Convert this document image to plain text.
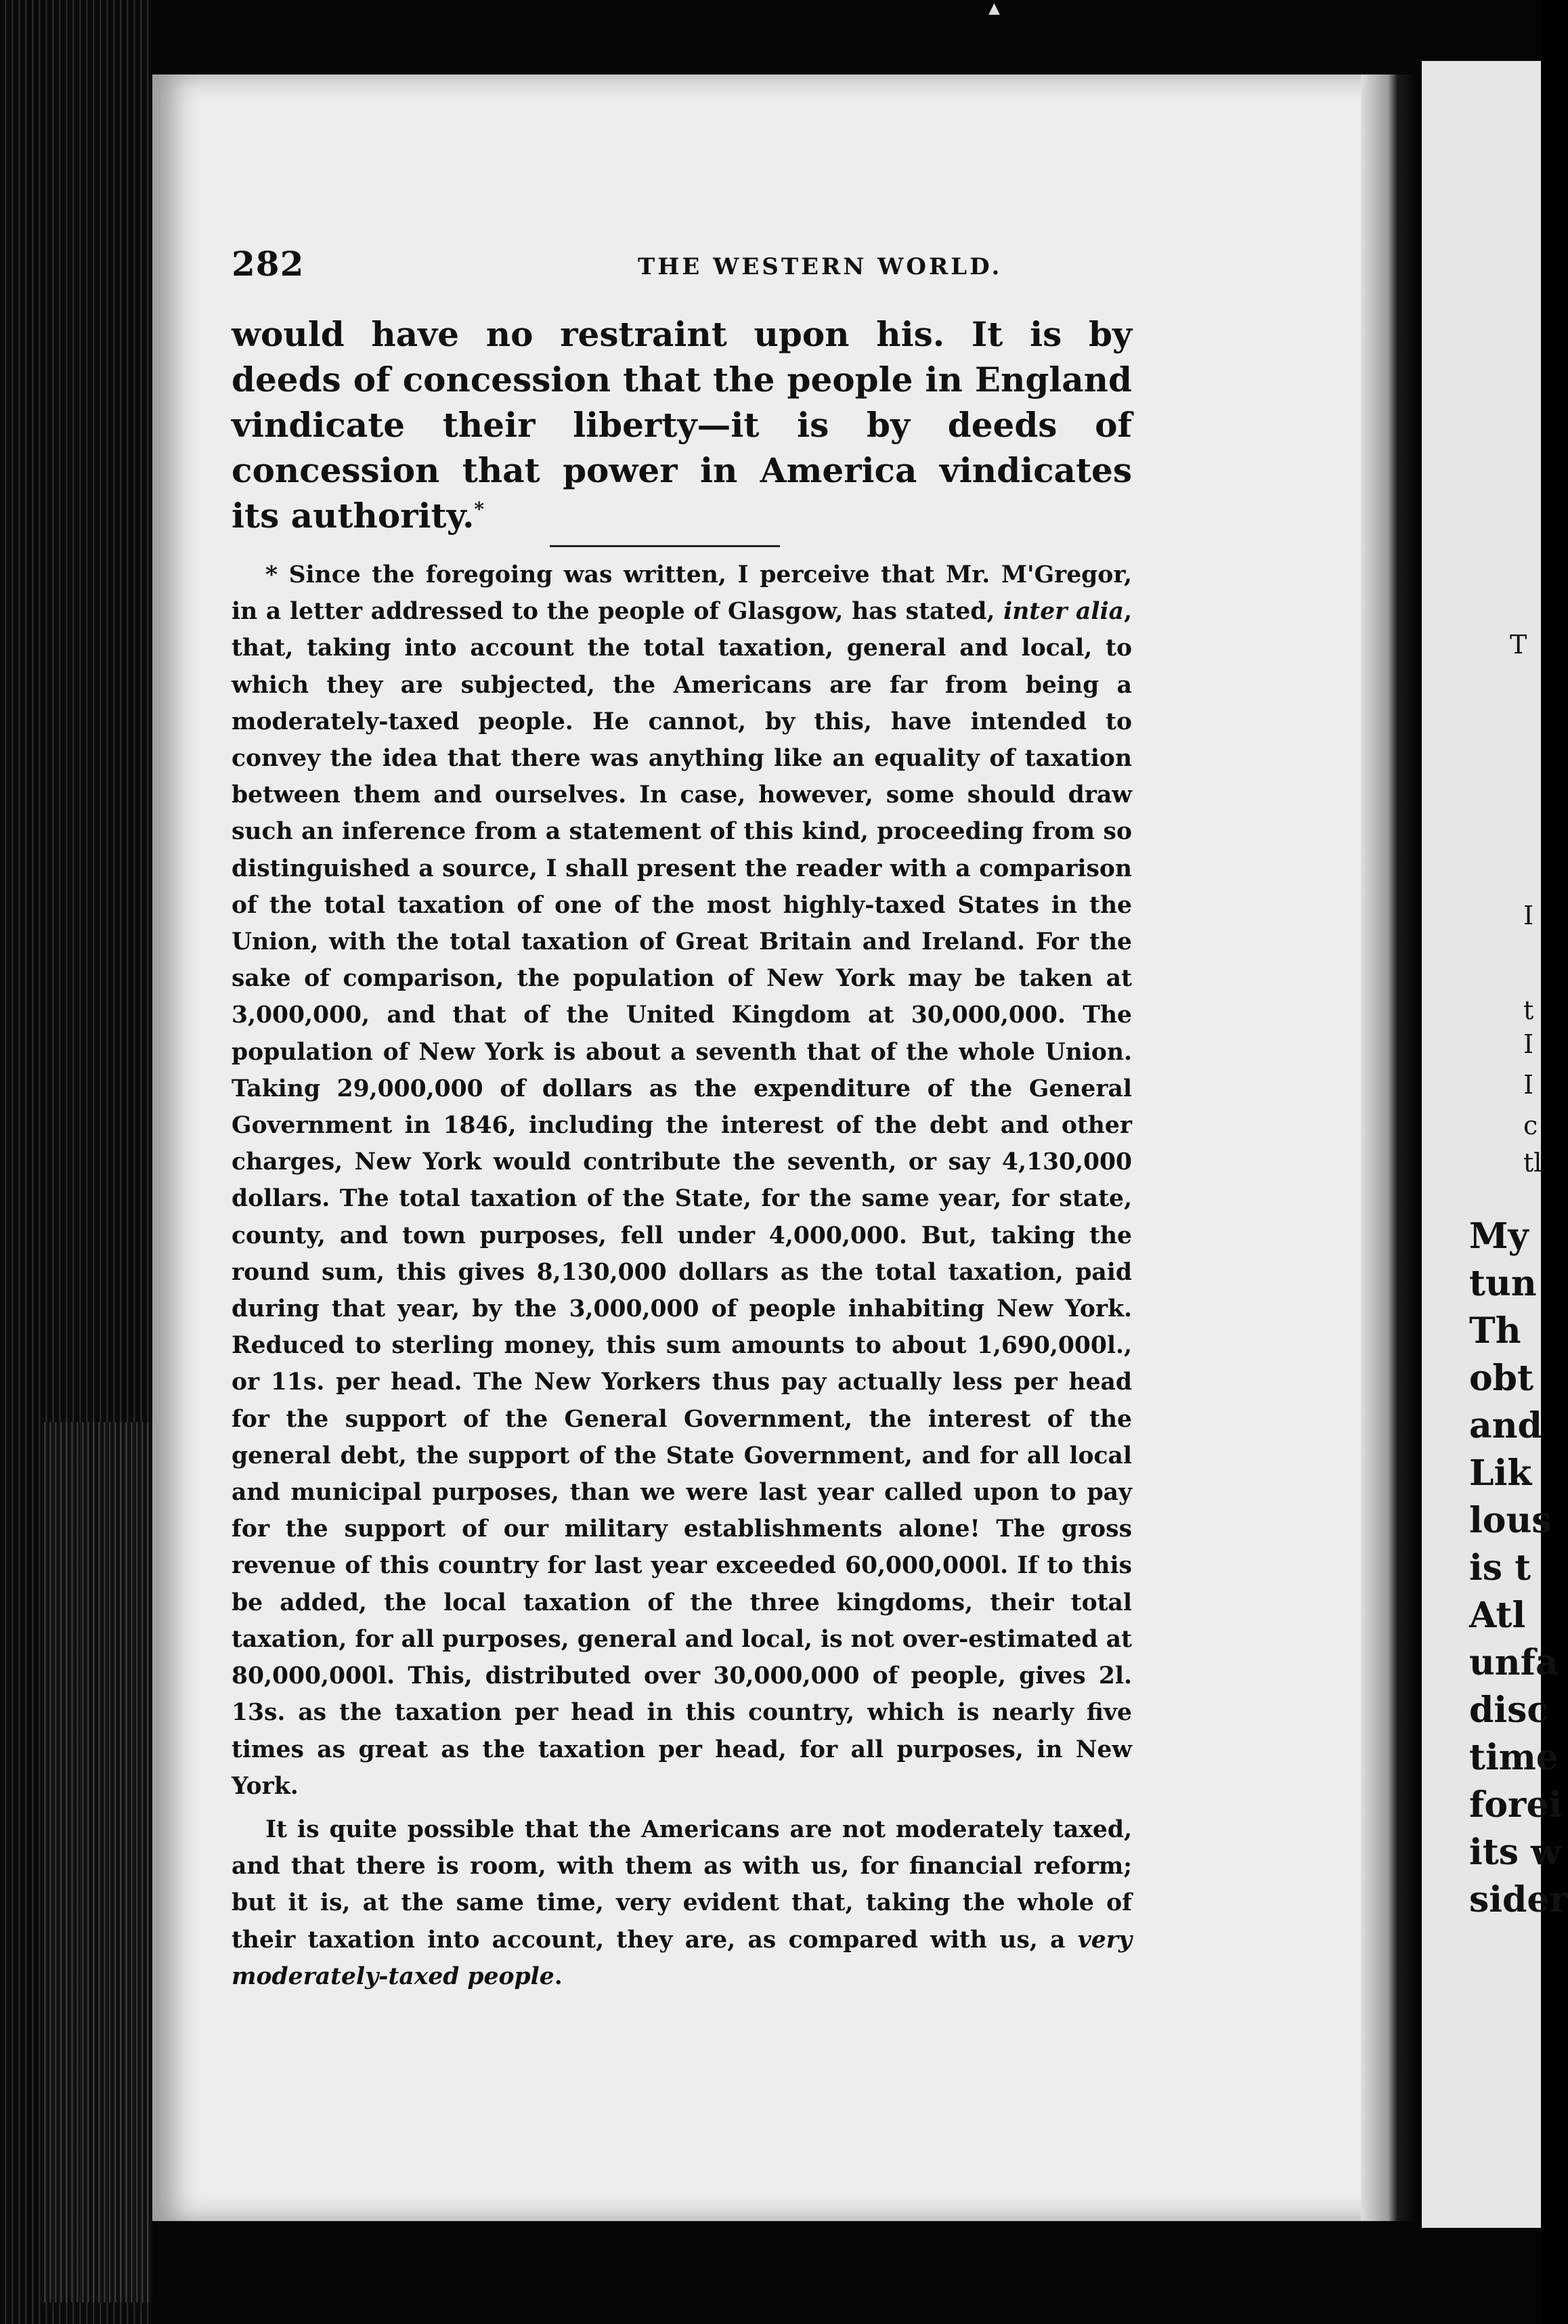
▲
T
I
t
I
I
c
tl
My
tun
Th
obt
and
Lik
lous
is t
Atl
unfa
disc
time
forei
its w
sider
282	THE WESTERN WORLD.
would have no restraint upon his. It is by deeds of concession that the people in England vindicate their liberty—it is by deeds of concession that power in America vindicates its authority.*

* Since the foregoing was written, I perceive that Mr. M'Gregor, in a letter addressed to the people of Glasgow, has stated, inter alia, that, taking into account the total taxation, general and local, to which they are subjected, the Americans are far from being a moderately-taxed people. He cannot, by this, have intended to convey the idea that there was anything like an equality of taxation between them and ourselves. In case, however, some should draw such an inference from a statement of this kind, proceeding from so distinguished a source, I shall present the reader with a comparison of the total taxation of one of the most highly-taxed States in the Union, with the total taxation of Great Britain and Ireland. For the sake of comparison, the population of New York may be taken at 3,000,000, and that of the United Kingdom at 30,000,000. The population of New York is about a seventh that of the whole Union. Taking 29,000,000 of dollars as the expenditure of the General Government in 1846, including the interest of the debt and other charges, New York would contribute the seventh, or say 4,130,000 dollars. The total taxation of the State, for the same year, for state, county, and town purposes, fell under 4,000,000. But, taking the round sum, this gives 8,130,000 dollars as the total taxation, paid during that year, by the 3,000,000 of people inhabiting New York. Reduced to sterling money, this sum amounts to about 1,690,000l., or 11s. per head. The New Yorkers thus pay actually less per head for the support of the General Government, the interest of the general debt, the support of the State Government, and for all local and municipal purposes, than we were last year called upon to pay for the support of our military establishments alone! The gross revenue of this country for last year exceeded 60,000,000l. If to this be added, the local taxation of the three kingdoms, their total taxation, for all purposes, general and local, is not over-estimated at 80,000,000l. This, distributed over 30,000,000 of people, gives 2l. 13s. as the taxation per head in this country, which is nearly five times as great as the taxation per head, for all purposes, in New York.

It is quite possible that the Americans are not moderately taxed, and that there is room, with them as with us, for financial reform; but it is, at the same time, very evident that, taking the whole of their taxation into account, they are, as compared with us, a very moderately-taxed people.
